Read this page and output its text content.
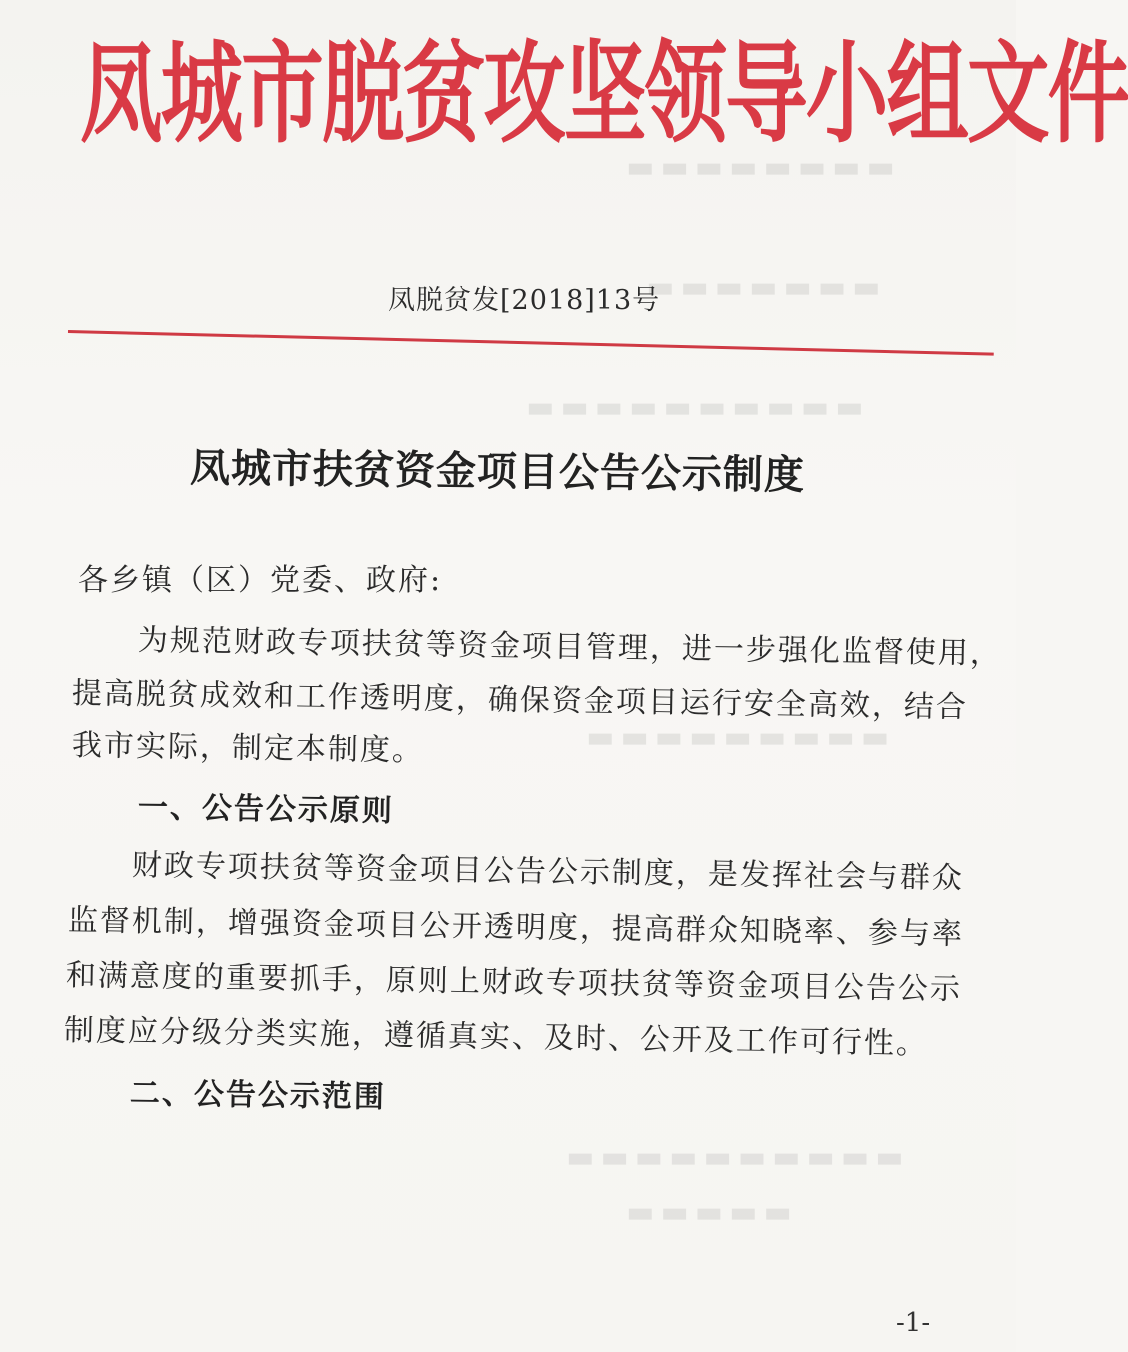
▬▬▬▬▬▬▬▬
▬▬▬▬▬▬▬
▬▬▬▬▬▬▬▬▬▬
▬▬▬▬▬▬▬▬▬
▬▬▬▬▬▬▬▬▬▬
▬▬▬▬▬
凤城市脱贫攻坚领导小组文件
凤脱贫发[2018]13号
凤城市扶贫资金项目公告公示制度
各乡镇（区）党委、政府:
为规范财政专项扶贫等资金项目管理，进一步强化监督使用，
提高脱贫成效和工作透明度，确保资金项目运行安全高效，结合
我市实际，制定本制度。
一、公告公示原则
财政专项扶贫等资金项目公告公示制度，是发挥社会与群众
监督机制，增强资金项目公开透明度，提高群众知晓率、参与率
和满意度的重要抓手，原则上财政专项扶贫等资金项目公告公示
制度应分级分类实施，遵循真实、及时、公开及工作可行性。
二、公告公示范围
-1-
